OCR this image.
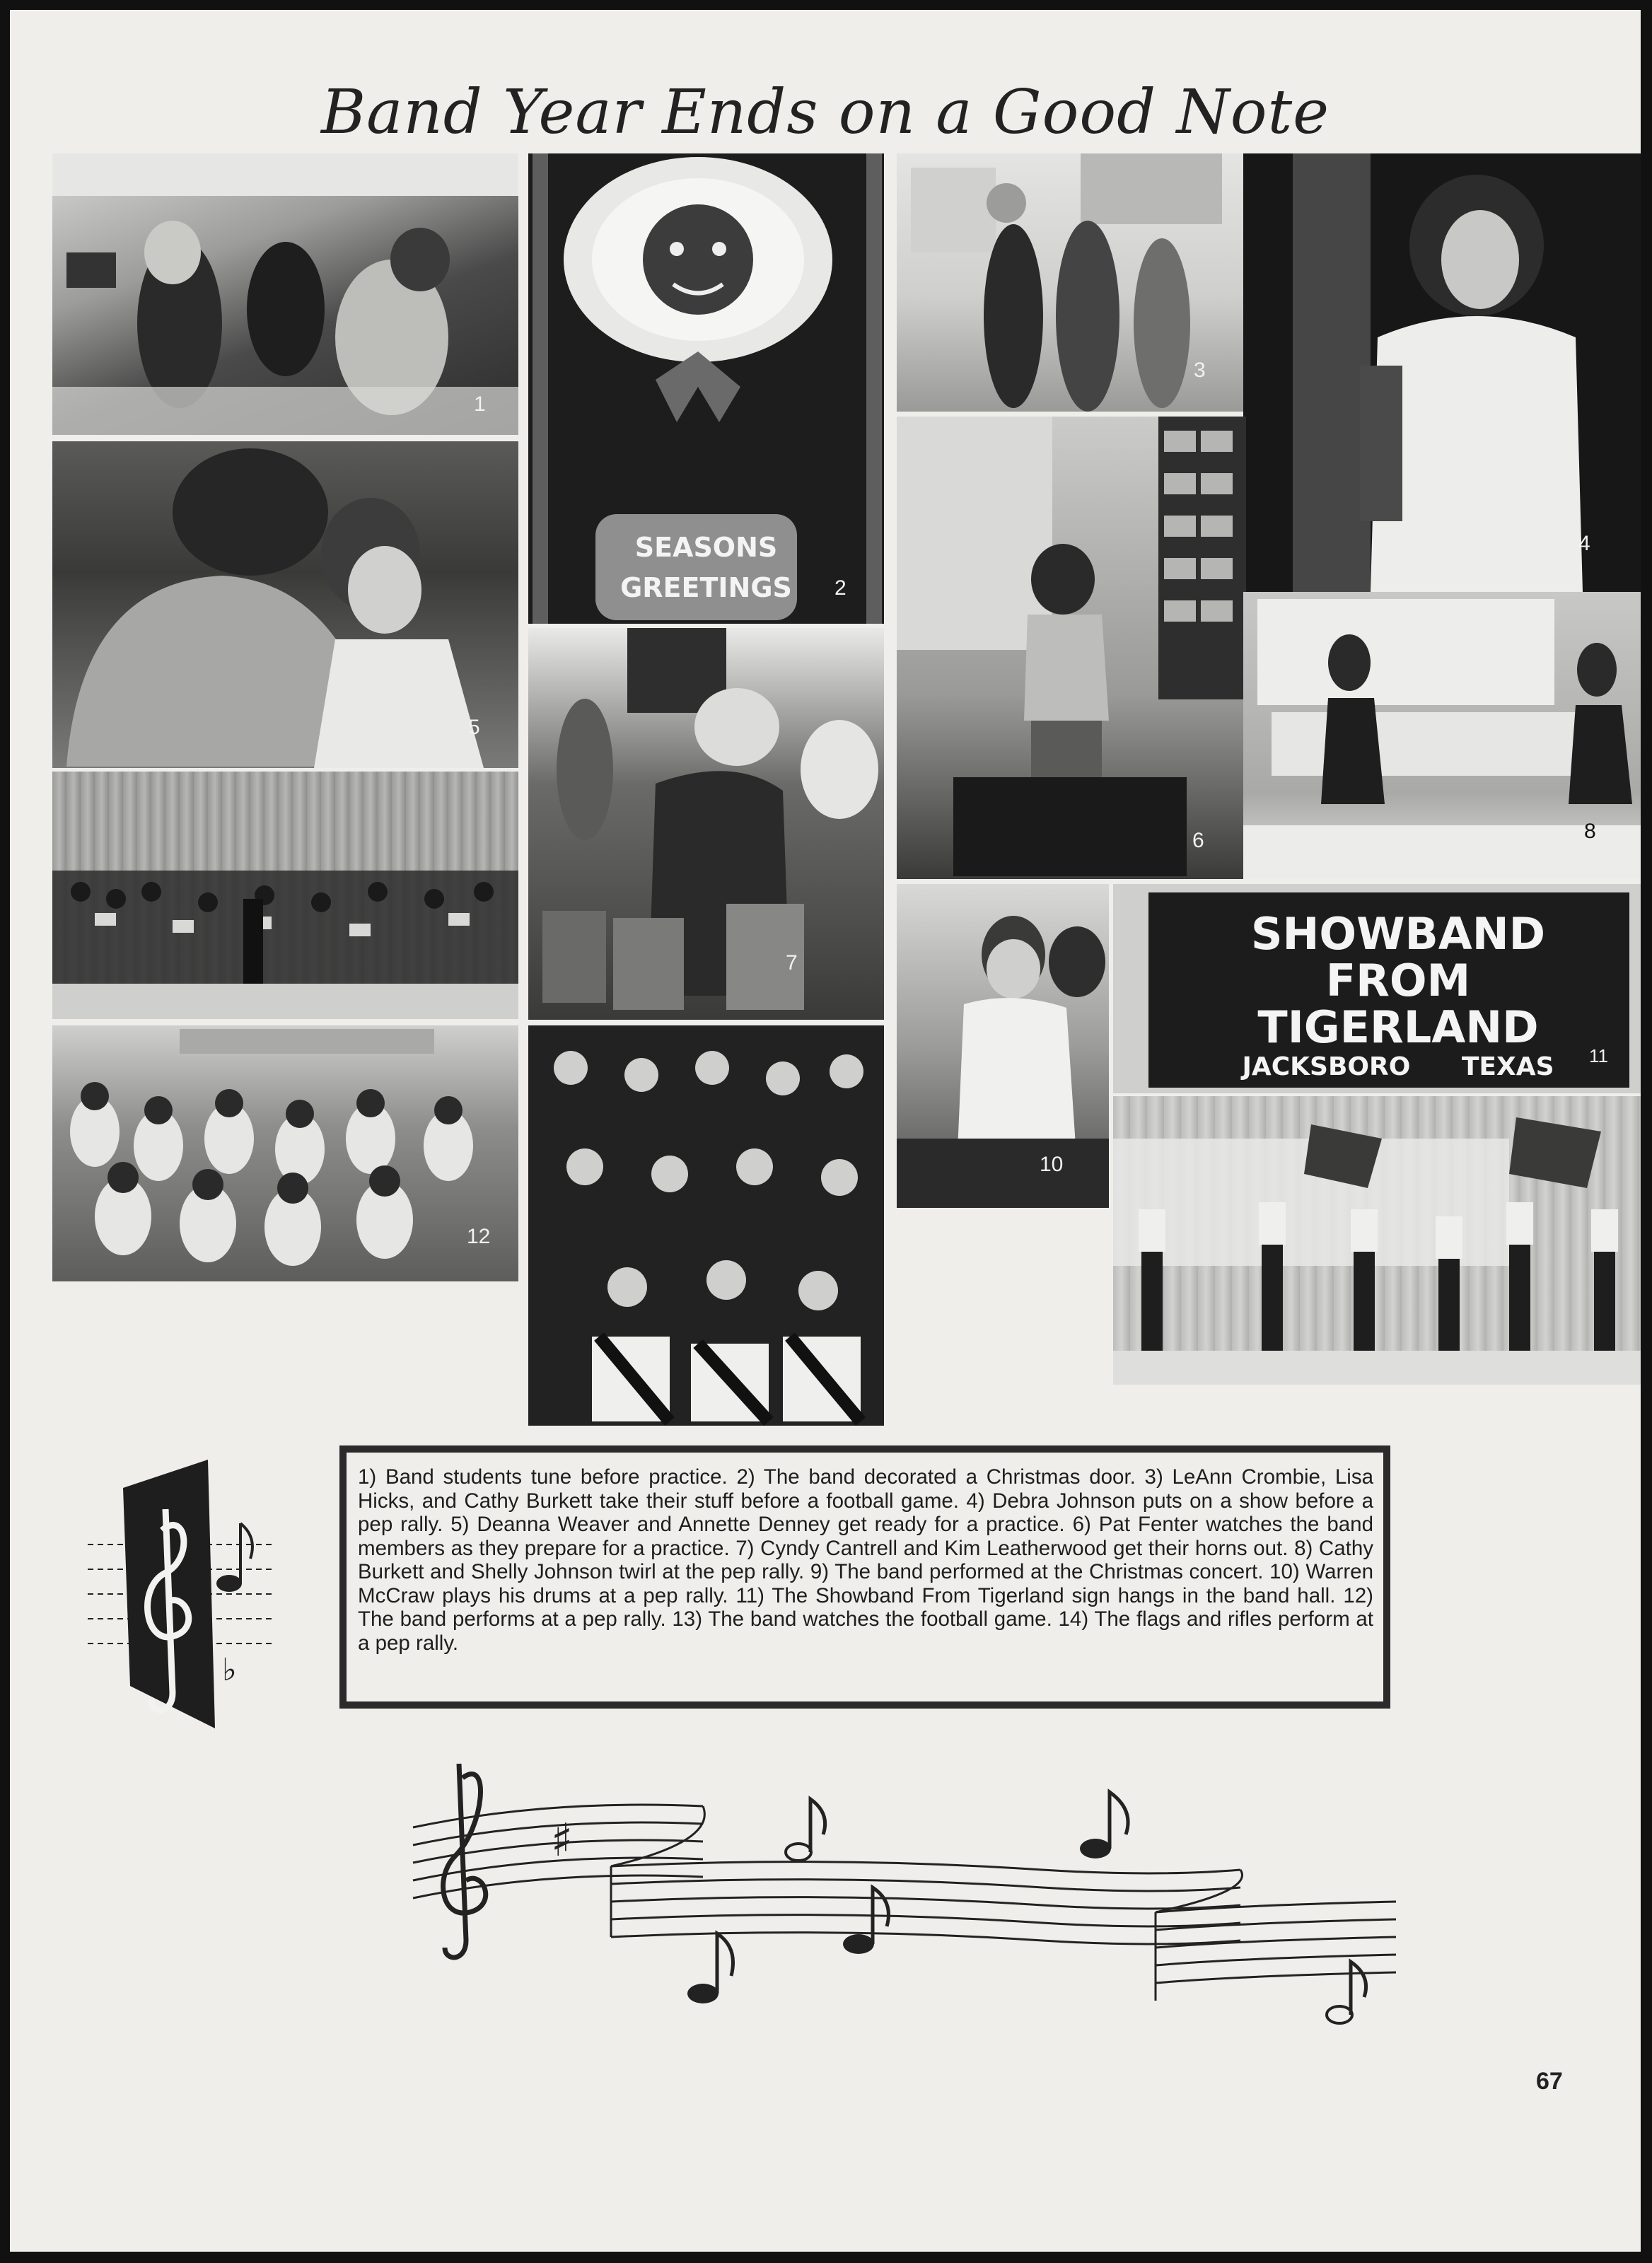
Band Year Ends on a Good Note
1
SEASONS
GREETINGS	2
3
4
5
12
7
6	8
10
SHOWBAND
FROM
TIGERLAND
JACKSBORO TEXAS	11
♭
1) Band students tune before practice. 2) The band decorated a Christmas door. 3) LeAnn Crombie, Lisa Hicks, and Cathy Burkett take their stuff before a football game. 4) Debra Johnson puts on a show before a pep rally. 5) Deanna Weaver and Annette Denney get ready for a practice. 6) Pat Fenter watches the band members as they prepare for a practice. 7) Cyndy Cantrell and Kim Leatherwood get their horns out. 8) Cathy Burkett and Shelly Johnson twirl at the pep rally. 9) The band performed at the Christmas concert. 10) Warren McCraw plays his drums at a pep rally. 11) The Showband From Tigerland sign hangs in the band hall. 12) The band performs at a pep rally. 13) The band watches the football game. 14) The flags and rifles perform at a pep rally.
♯
67
